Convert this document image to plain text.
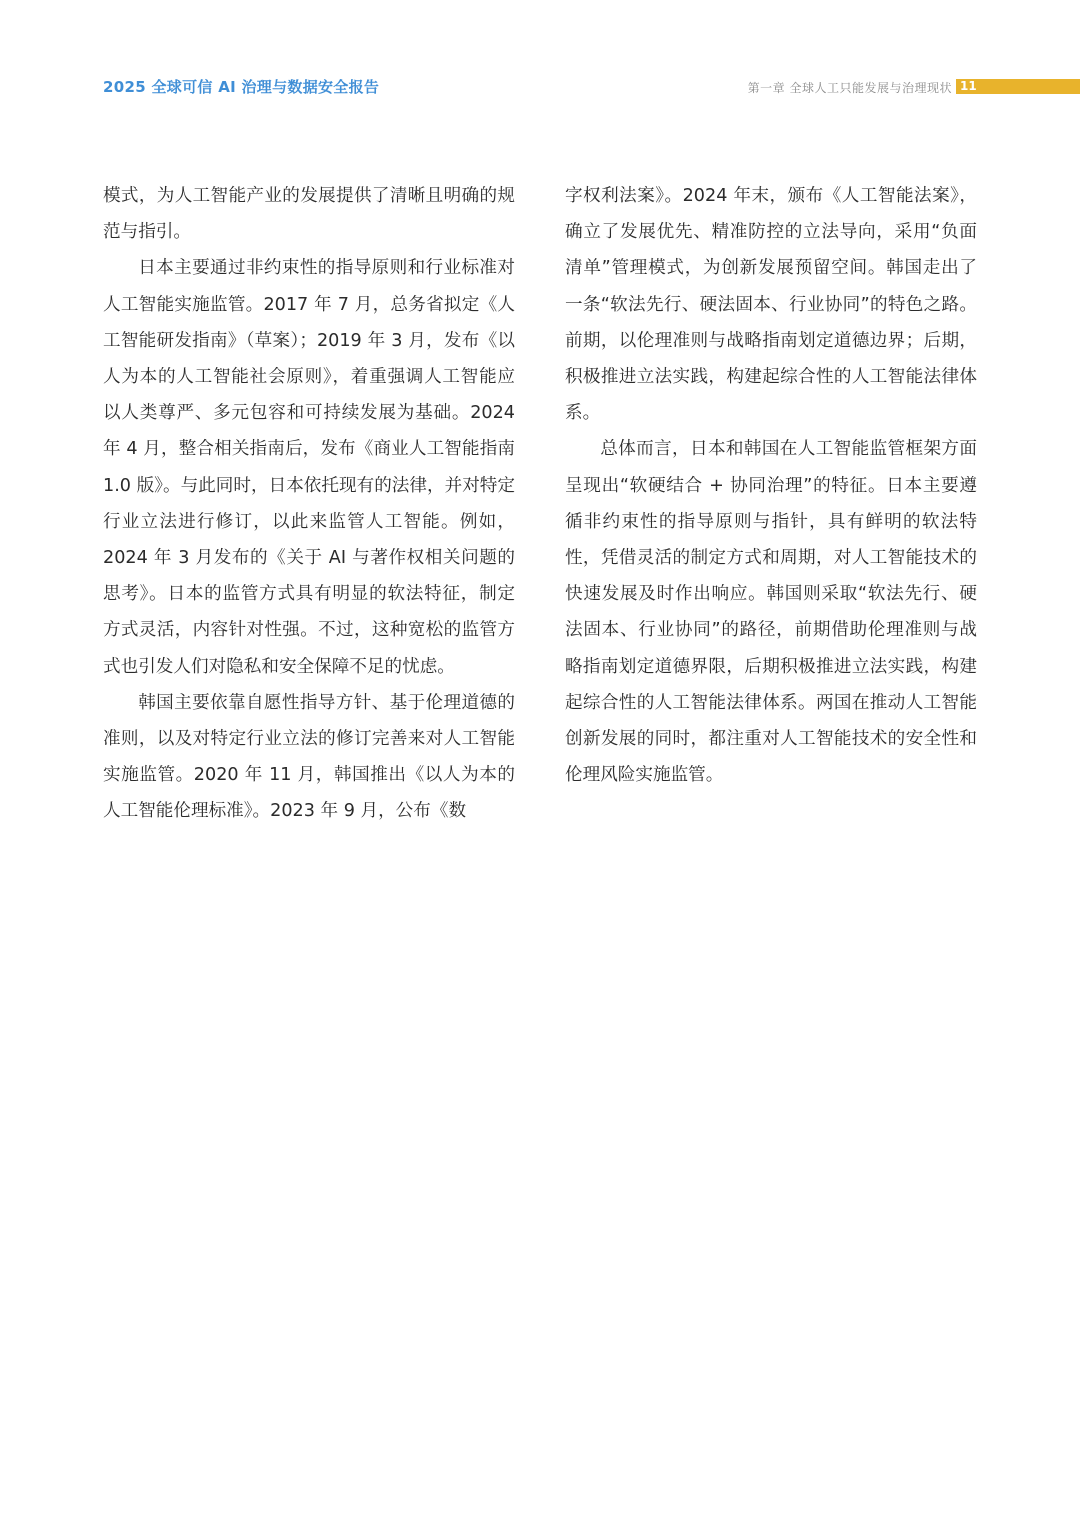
2025 全球可信 AI 治理与数据安全报告	第一章 全球人工只能发展与治理现状 11

模式，为人工智能产业的发展提供了清晰且明确的规范与指引。

日本主要通过非约束性的指导原则和行业标准对人工智能实施监管。2017 年 7 月，总务省拟定《人工智能研发指南》（草案）；2019 年 3 月，发布《以人为本的人工智能社会原则》，着重强调人工智能应以人类尊严、多元包容和可持续发展为基础。2024 年 4 月，整合相关指南后，发布《商业人工智能指南 1.0 版》。与此同时，日本依托现有的法律，并对特定行业立法进行修订，以此来监管人工智能。例如，2024 年 3 月发布的《关于 AI 与著作权相关问题的思考》。日本的监管方式具有明显的软法特征，制定方式灵活，内容针对性强。不过，这种宽松的监管方式也引发人们对隐私和安全保障不足的忧虑。

韩国主要依靠自愿性指导方针、基于伦理道德的准则，以及对特定行业立法的修订完善来对人工智能实施监管。2020 年 11 月，韩国推出《以人为本的人工智能伦理标准》。2023 年 9 月，公布《数

字权利法案》。2024 年末，颁布《人工智能法案》，确立了发展优先、精准防控的立法导向，采用“负面清单”管理模式，为创新发展预留空间。韩国走出了一条“软法先行、硬法固本、行业协同”的特色之路。前期，以伦理准则与战略指南划定道德边界；后期，积极推进立法实践，构建起综合性的人工智能法律体系。

总体而言，日本和韩国在人工智能监管框架方面呈现出“软硬结合 + 协同治理”的特征。日本主要遵循非约束性的指导原则与指针，具有鲜明的软法特性，凭借灵活的制定方式和周期，对人工智能技术的快速发展及时作出响应。韩国则采取“软法先行、硬法固本、行业协同”的路径，前期借助伦理准则与战略指南划定道德界限，后期积极推进立法实践，构建起综合性的人工智能法律体系。两国在推动人工智能创新发展的同时，都注重对人工智能技术的安全性和伦理风险实施监管。
